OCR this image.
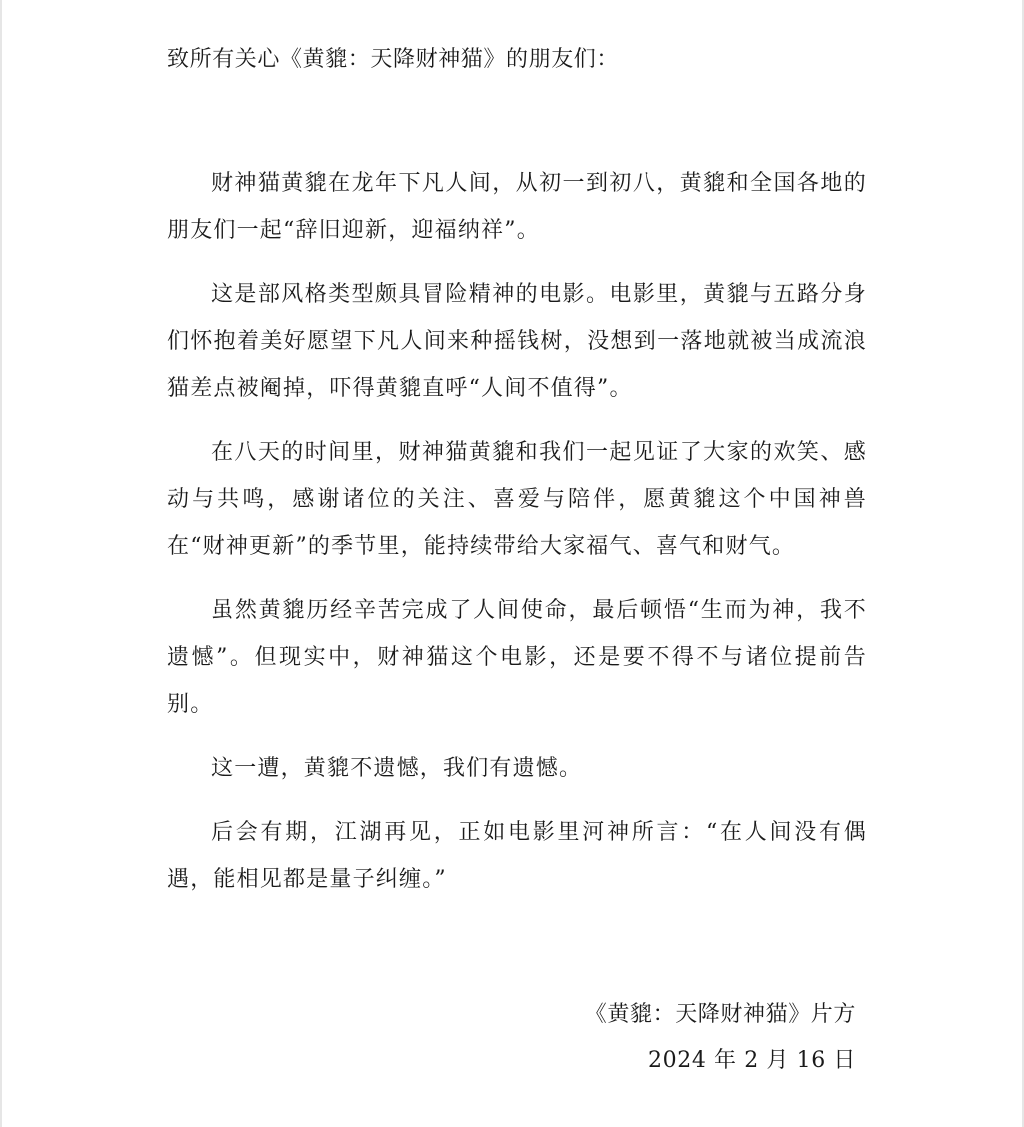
致所有关心《黄貔：天降财神猫》的朋友们：

财神猫黄貔在龙年下凡人间，从初一到初八，黄貔和全国各地的朋友们一起“辞旧迎新，迎福纳祥”。

这是部风格类型颇具冒险精神的电影。电影里，黄貔与五路分身们怀抱着美好愿望下凡人间来种摇钱树，没想到一落地就被当成流浪猫差点被阉掉，吓得黄貔直呼“人间不值得”。

在八天的时间里，财神猫黄貔和我们一起见证了大家的欢笑、感动与共鸣，感谢诸位的关注、喜爱与陪伴，愿黄貔这个中国神兽在“财神更新”的季节里，能持续带给大家福气、喜气和财气。

虽然黄貔历经辛苦完成了人间使命，最后顿悟“生而为神，我不遗憾”。但现实中，财神猫这个电影，还是要不得不与诸位提前告别。

这一遭，黄貔不遗憾，我们有遗憾。

后会有期，江湖再见，正如电影里河神所言：“在人间没有偶遇，能相见都是量子纠缠。”

《黄貔：天降财神猫》片方
2024 年 2 月 16 日
